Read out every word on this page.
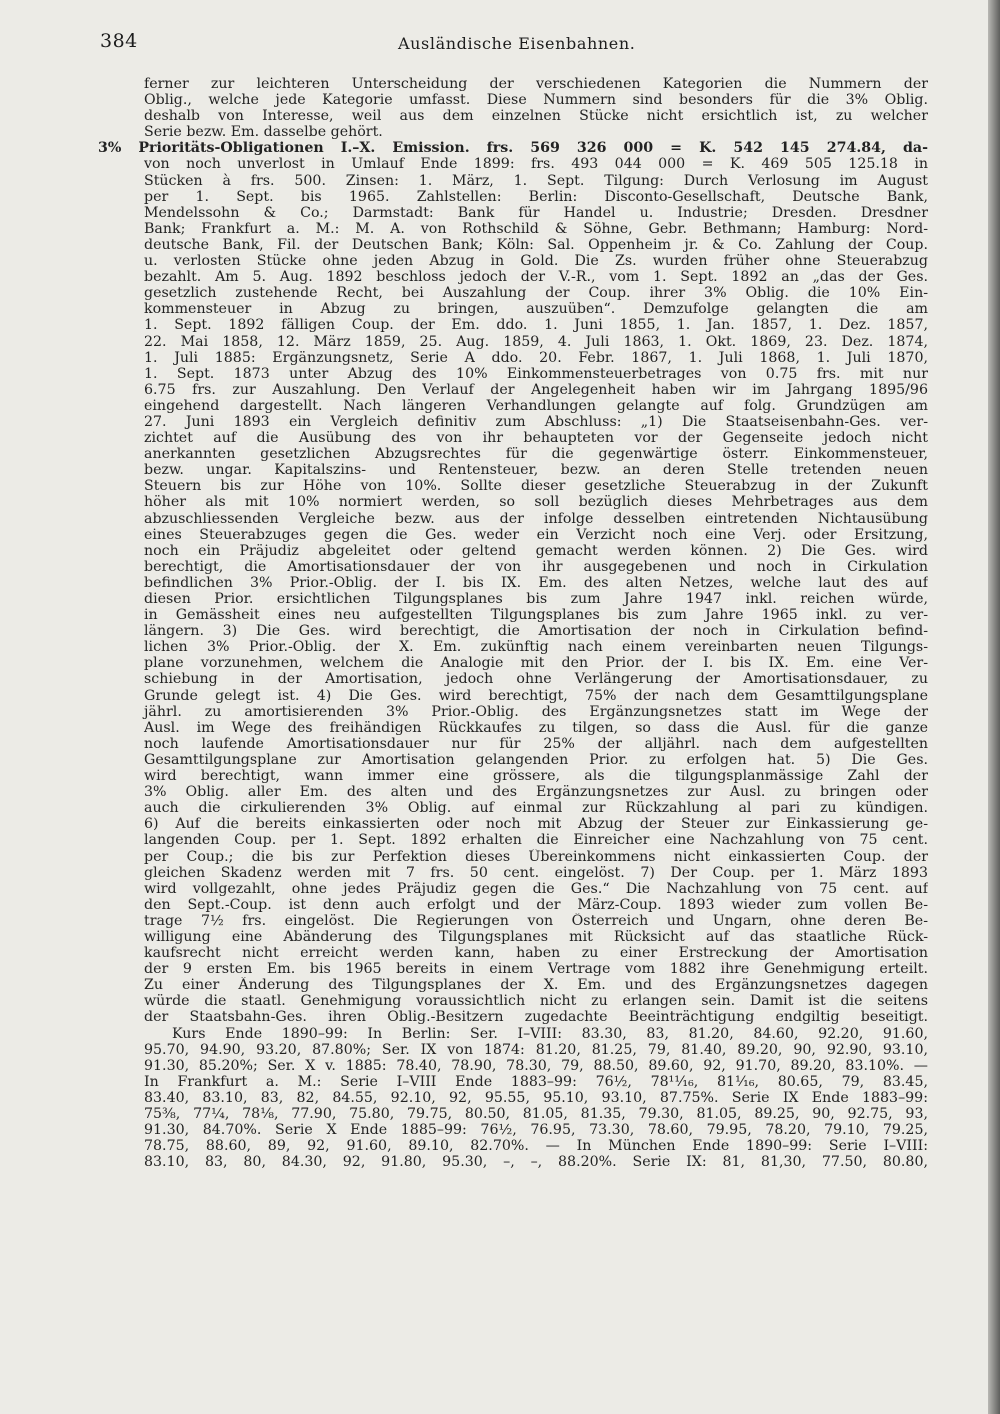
384	Ausländische Eisenbahnen.
ferner zur leichteren Unterscheidung der verschiedenen Kategorien die Nummern der
Oblig., welche jede Kategorie umfasst. Diese Nummern sind besonders für die 3% Oblig.
deshalb von Interesse, weil aus dem einzelnen Stücke nicht ersichtlich ist, zu welcher
Serie bezw. Em. dasselbe gehört.
3% Prioritäts-Obligationen I.–X. Emission. frs. 569 326 000 = K. 542 145 274.84, da-
von noch unverlost in Umlauf Ende 1899: frs. 493 044 000 = K. 469 505 125.18 in
Stücken à frs. 500. Zinsen: 1. März, 1. Sept. Tilgung: Durch Verlosung im August
per 1. Sept. bis 1965. Zahlstellen: Berlin: Disconto-Gesellschaft, Deutsche Bank,
Mendelssohn & Co.; Darmstadt: Bank für Handel u. Industrie; Dresden. Dresdner
Bank; Frankfurt a. M.: M. A. von Rothschild & Söhne, Gebr. Bethmann; Hamburg: Nord-
deutsche Bank, Fil. der Deutschen Bank; Köln: Sal. Oppenheim jr. & Co. Zahlung der Coup.
u. verlosten Stücke ohne jeden Abzug in Gold. Die Zs. wurden früher ohne Steuerabzug
bezahlt. Am 5. Aug. 1892 beschloss jedoch der V.-R., vom 1. Sept. 1892 an „das der Ges.
gesetzlich zustehende Recht, bei Auszahlung der Coup. ihrer 3% Oblig. die 10% Ein-
kommensteuer in Abzug zu bringen, auszuüben“. Demzufolge gelangten die am
1. Sept. 1892 fälligen Coup. der Em. ddo. 1. Juni 1855, 1. Jan. 1857, 1. Dez. 1857,
22. Mai 1858, 12. März 1859, 25. Aug. 1859, 4. Juli 1863, 1. Okt. 1869, 23. Dez. 1874,
1. Juli 1885: Ergänzungsnetz, Serie A ddo. 20. Febr. 1867, 1. Juli 1868, 1. Juli 1870,
1. Sept. 1873 unter Abzug des 10% Einkommensteuerbetrages von 0.75 frs. mit nur
6.75 frs. zur Auszahlung. Den Verlauf der Angelegenheit haben wir im Jahrgang 1895/96
eingehend dargestellt. Nach längeren Verhandlungen gelangte auf folg. Grundzügen am
27. Juni 1893 ein Vergleich definitiv zum Abschluss: „1) Die Staatseisenbahn-Ges. ver-
zichtet auf die Ausübung des von ihr behaupteten vor der Gegenseite jedoch nicht
anerkannten gesetzlichen Abzugsrechtes für die gegenwärtige österr. Einkommensteuer,
bezw. ungar. Kapitalszins- und Rentensteuer, bezw. an deren Stelle tretenden neuen
Steuern bis zur Höhe von 10%. Sollte dieser gesetzliche Steuerabzug in der Zukunft
höher als mit 10% normiert werden, so soll bezüglich dieses Mehrbetrages aus dem
abzuschliessenden Vergleiche bezw. aus der infolge desselben eintretenden Nichtausübung
eines Steuerabzuges gegen die Ges. weder ein Verzicht noch eine Verj. oder Ersitzung,
noch ein Präjudiz abgeleitet oder geltend gemacht werden können. 2) Die Ges. wird
berechtigt, die Amortisationsdauer der von ihr ausgegebenen und noch in Cirkulation
befindlichen 3% Prior.-Oblig. der I. bis IX. Em. des alten Netzes, welche laut des auf
diesen Prior. ersichtlichen Tilgungsplanes bis zum Jahre 1947 inkl. reichen würde,
in Gemässheit eines neu aufgestellten Tilgungsplanes bis zum Jahre 1965 inkl. zu ver-
längern. 3) Die Ges. wird berechtigt, die Amortisation der noch in Cirkulation befind-
lichen 3% Prior.-Oblig. der X. Em. zukünftig nach einem vereinbarten neuen Tilgungs-
plane vorzunehmen, welchem die Analogie mit den Prior. der I. bis IX. Em. eine Ver-
schiebung in der Amortisation, jedoch ohne Verlängerung der Amortisationsdauer, zu
Grunde gelegt ist. 4) Die Ges. wird berechtigt, 75% der nach dem Gesamttilgungsplane
jährl. zu amortisierenden 3% Prior.-Oblig. des Ergänzungsnetzes statt im Wege der
Ausl. im Wege des freihändigen Rückkaufes zu tilgen, so dass die Ausl. für die ganze
noch laufende Amortisationsdauer nur für 25% der alljährl. nach dem aufgestellten
Gesamttilgungsplane zur Amortisation gelangenden Prior. zu erfolgen hat. 5) Die Ges.
wird berechtigt, wann immer eine grössere, als die tilgungsplanmässige Zahl der
3% Oblig. aller Em. des alten und des Ergänzungsnetzes zur Ausl. zu bringen oder
auch die cirkulierenden 3% Oblig. auf einmal zur Rückzahlung al pari zu kündigen.
6) Auf die bereits einkassierten oder noch mit Abzug der Steuer zur Einkassierung ge-
langenden Coup. per 1. Sept. 1892 erhalten die Einreicher eine Nachzahlung von 75 cent.
per Coup.; die bis zur Perfektion dieses Übereinkommens nicht einkassierten Coup. der
gleichen Skadenz werden mit 7 frs. 50 cent. eingelöst. 7) Der Coup. per 1. März 1893
wird vollgezahlt, ohne jedes Präjudiz gegen die Ges.“ Die Nachzahlung von 75 cent. auf
den Sept.-Coup. ist denn auch erfolgt und der März-Coup. 1893 wieder zum vollen Be-
trage 7½ frs. eingelöst. Die Regierungen von Österreich und Ungarn, ohne deren Be-
willigung eine Abänderung des Tilgungsplanes mit Rücksicht auf das staatliche Rück-
kaufsrecht nicht erreicht werden kann, haben zu einer Erstreckung der Amortisation
der 9 ersten Em. bis 1965 bereits in einem Vertrage vom 1882 ihre Genehmigung erteilt.
Zu einer Änderung des Tilgungsplanes der X. Em. und des Ergänzungsnetzes dagegen
würde die staatl. Genehmigung voraussichtlich nicht zu erlangen sein. Damit ist die seitens
der Staatsbahn-Ges. ihren Oblig.-Besitzern zugedachte Beeinträchtigung endgiltig beseitigt.
Kurs Ende 1890–99: In Berlin: Ser. I–VIII: 83.30, 83, 81.20, 84.60, 92.20, 91.60,
95.70, 94.90, 93.20, 87.80%; Ser. IX von 1874: 81.20, 81.25, 79, 81.40, 89.20, 90, 92.90, 93.10,
91.30, 85.20%; Ser. X v. 1885: 78.40, 78.90, 78.30, 79, 88.50, 89.60, 92, 91.70, 89.20, 83.10%. —
In Frankfurt a. M.: Serie I–VIII Ende 1883–99: 76½, 78¹¹⁄₁₆, 81¹⁄₁₆, 80.65, 79, 83.45,
83.40, 83.10, 83, 82, 84.55, 92.10, 92, 95.55, 95.10, 93.10, 87.75%. Serie IX Ende 1883–99:
75⅜, 77¼, 78⅛, 77.90, 75.80, 79.75, 80.50, 81.05, 81.35, 79.30, 81.05, 89.25, 90, 92.75, 93,
91.30, 84.70%. Serie X Ende 1885–99: 76½, 76.95, 73.30, 78.60, 79.95, 78.20, 79.10, 79.25,
78.75, 88.60, 89, 92, 91.60, 89.10, 82.70%. — In München Ende 1890–99: Serie I–VIII:
83.10, 83, 80, 84.30, 92, 91.80, 95.30, –, –, 88.20%. Serie IX: 81, 81,30, 77.50, 80.80,
